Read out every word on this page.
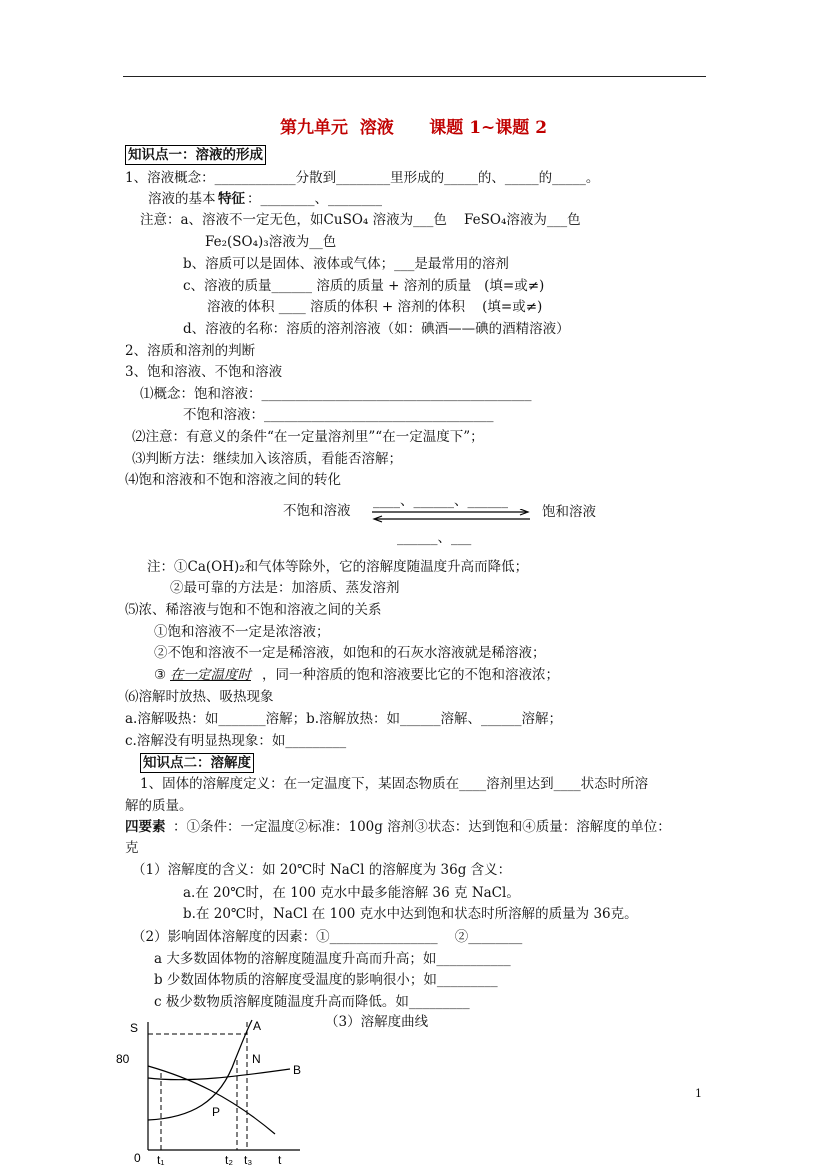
第九单元  溶液      课题 1~课题 2
知识点一：溶液的形成
1、溶液概念：____________分散到________里形成的_____的、_____的_____。
溶液的基本 特征 ：________、________
注意：a、溶液不一定无色，如CuSO₄ 溶液为___色    FeSO₄溶液为___色
Fe₂(SO₄)₃溶液为__色
b、溶质可以是固体、液体或气体；___是最常用的溶剂
c、溶液的质量______ 溶质的质量 + 溶剂的质量   (填=或≠)
溶液的体积 ____ 溶质的体积 + 溶剂的体积    (填=或≠)
d、溶液的名称：溶质的溶剂溶液（如：碘酒——碘的酒精溶液）
2、溶质和溶剂的判断
3、饱和溶液、不饱和溶液
⑴概念：饱和溶液：________________________________________
不饱和溶液：__________________________________
⑵注意：有意义的条件“在一定量溶剂里”“在一定温度下”；
⑶判断方法：继续加入该溶质，看能否溶解；
⑷饱和溶液和不饱和溶液之间的转化
不饱和溶液
____、______、______
饱和溶液
______、___
注：①Ca(OH)₂和气体等除外，它的溶解度随温度升高而降低；
②最可靠的方法是：加溶质、蒸发溶剂
⑸浓、稀溶液与饱和不饱和溶液之间的关系
①饱和溶液不一定是浓溶液；
②不饱和溶液不一定是稀溶液，如饱和的石灰水溶液就是稀溶液；
③ 在一定温度时 ，同一种溶质的饱和溶液要比它的不饱和溶液浓；
⑹溶解时放热、吸热现象
a.溶解吸热：如_______溶解；b.溶解放热：如______溶解、______溶解；
c.溶解没有明显热现象：如_________
知识点二：溶解度
1、固体的溶解度定义：在一定温度下，某固态物质在____溶剂里达到____状态时所溶
解的质量。
四要素 ：①条件：一定温度②标准：100g 溶剂③状态：达到饱和④质量：溶解度的单位：
克
（1）溶解度的含义：如 20℃时 NaCl 的溶解度为 36g 含义：
a.在 20℃时，在 100 克水中最多能溶解 36 克 NaCl。
b.在 20℃时，NaCl 在 100 克水中达到饱和状态时所溶解的质量为 36克。
（2）影响固体溶解度的因素：①________________    ②________
a 大多数固体物的溶解度随温度升高而升高；如___________
b 少数固体物质的溶解度受温度的影响很小；如_________
c 极少数物质溶解度随温度升高而降低。如_________
（3）溶解度曲线
S
80
0	t
t₁	t₂ t₃
A
N
B
P
1
